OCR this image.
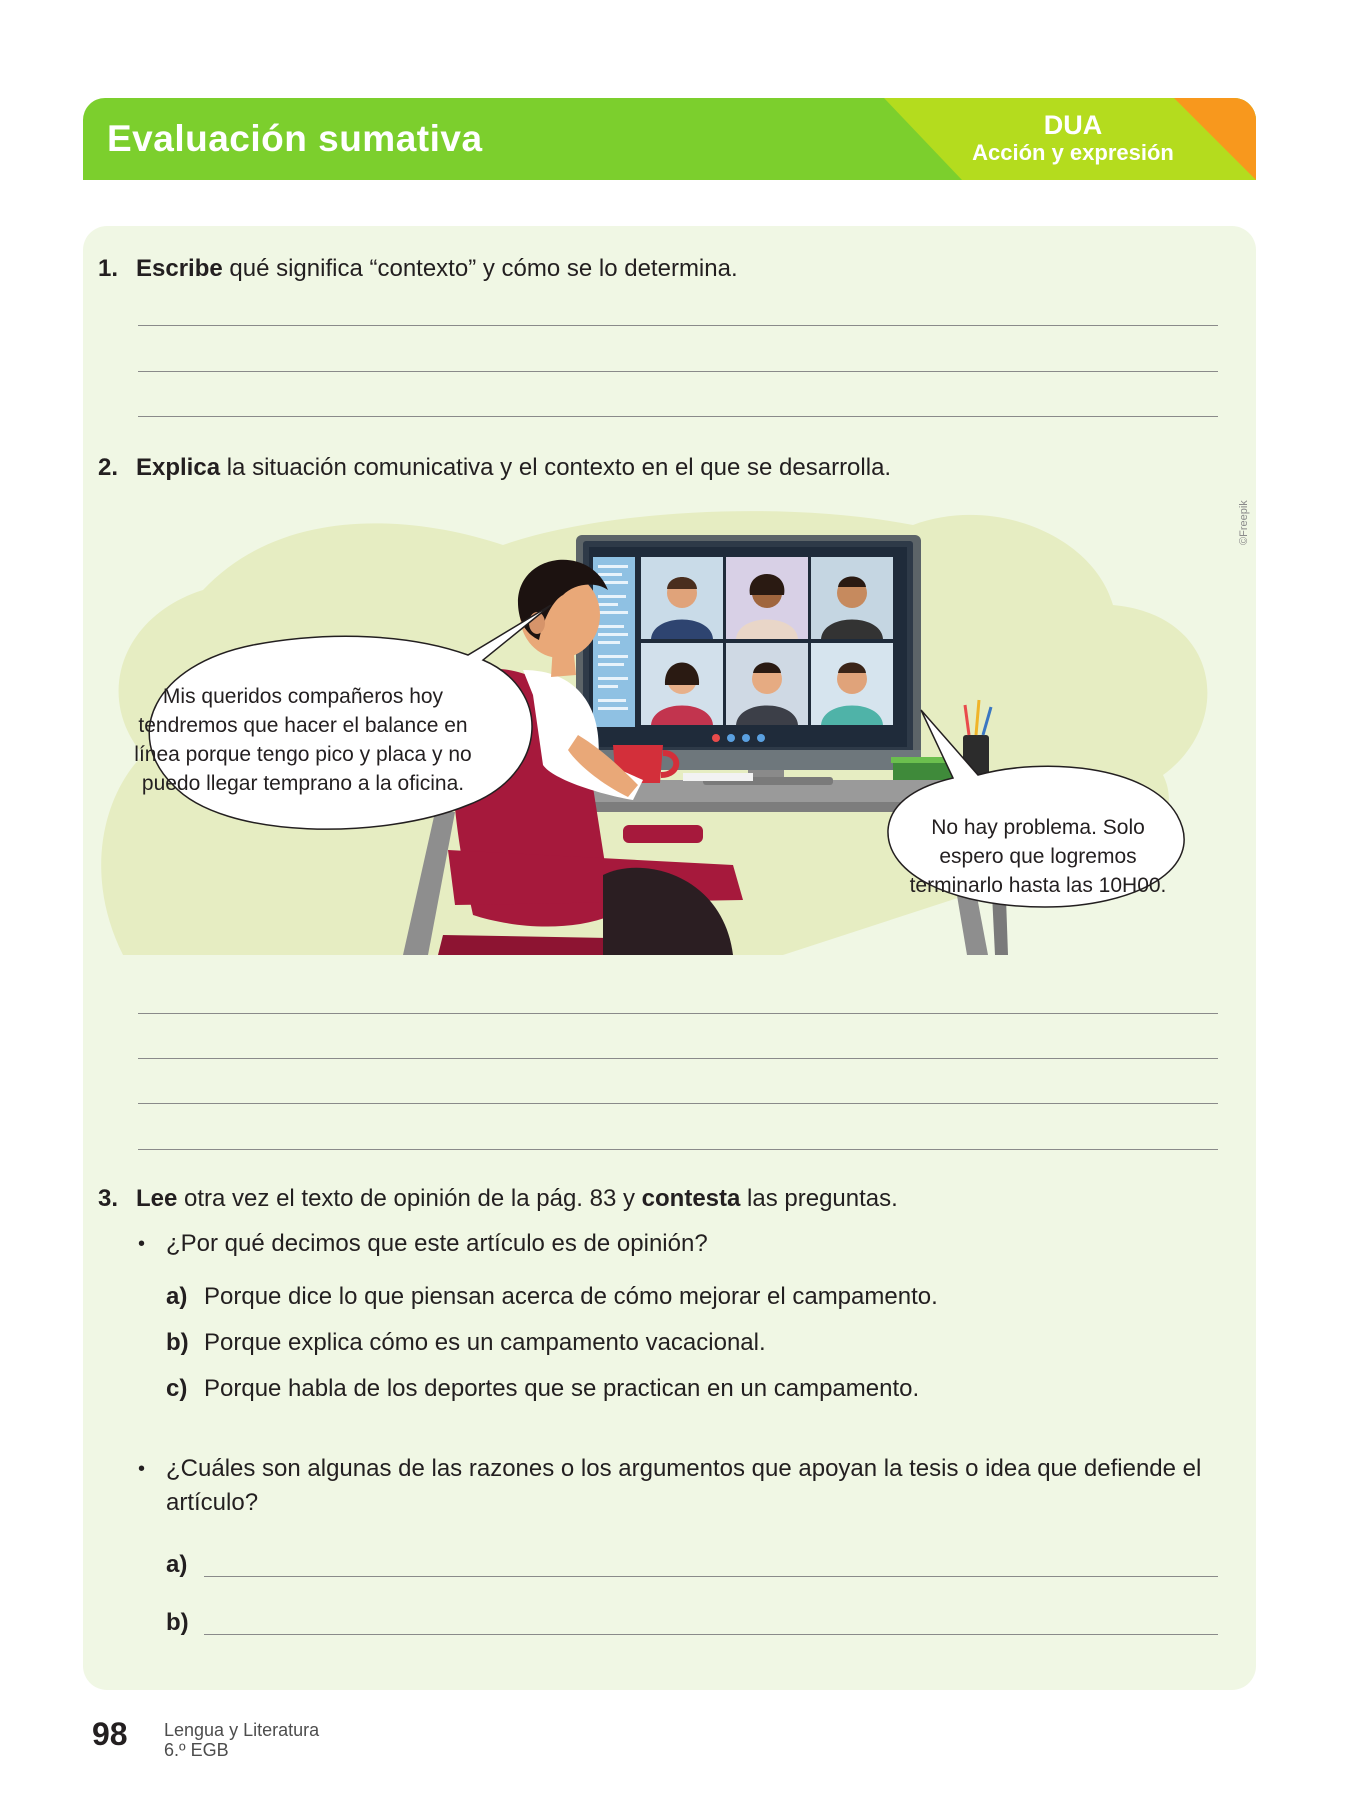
Evaluación sumativa	DUA
Acción y expresión
1. Escribe qué significa “contexto” y cómo se lo determina.
2. Explica la situación comunicativa y el contexto en el que se desarrolla.
Mis queridos compañeros hoy
tendremos que hacer el balance en
línea porque tengo pico y placa y no
puedo llegar temprano a la oficina.
No hay problema. Solo
espero que logremos
terminarlo hasta las 10H00.
©Freepik
3. Lee otra vez el texto de opinión de la pág. 83 y contesta las preguntas.
• ¿Por qué decimos que este artículo es de opinión?
a) Porque dice lo que piensan acerca de cómo mejorar el campamento.
b) Porque explica cómo es un campamento vacacional.
c) Porque habla de los deportes que se practican en un campamento.
• ¿Cuáles son algunas de las razones o los argumentos que apoyan la tesis o idea que defiende el artículo?
a)
b)
98 Lengua y Literatura
6.º EGB
